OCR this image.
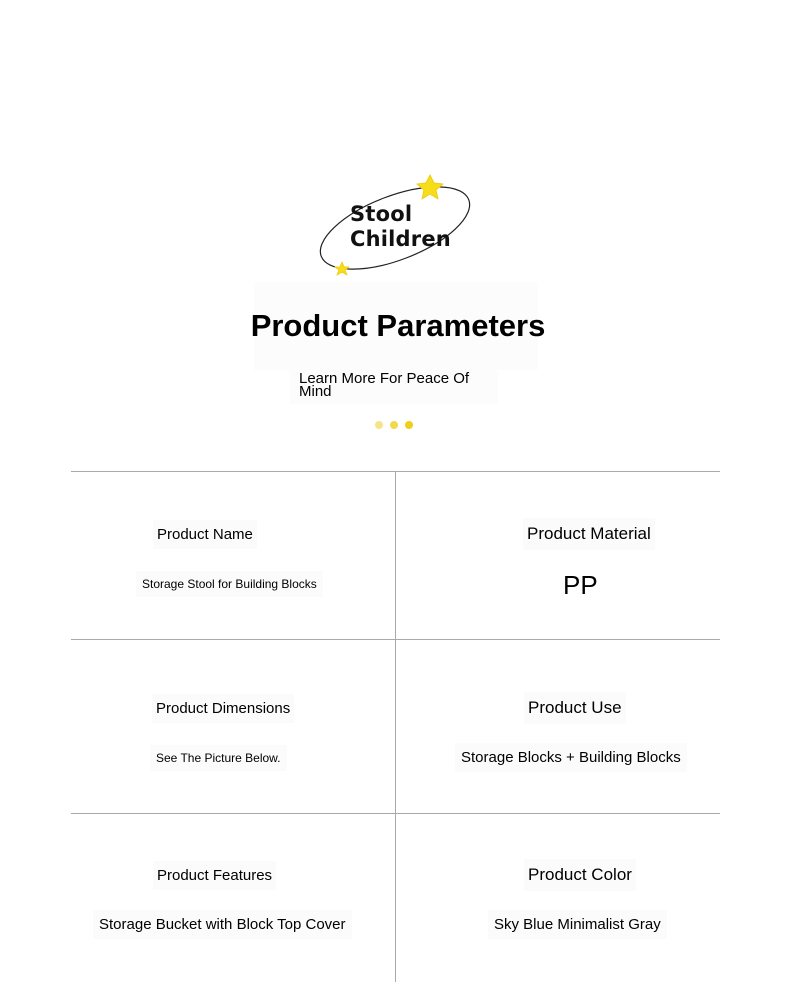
Stool
Children
Product Parameters
Learn More For Peace Of Mind
Product Name
Storage Stool for Building Blocks
Product Material
PP
Product Dimensions
See The Picture Below.
Product Use
Storage Blocks + Building Blocks
Product Features
Storage Bucket with Block Top Cover
Product Color
Sky Blue Minimalist Gray
